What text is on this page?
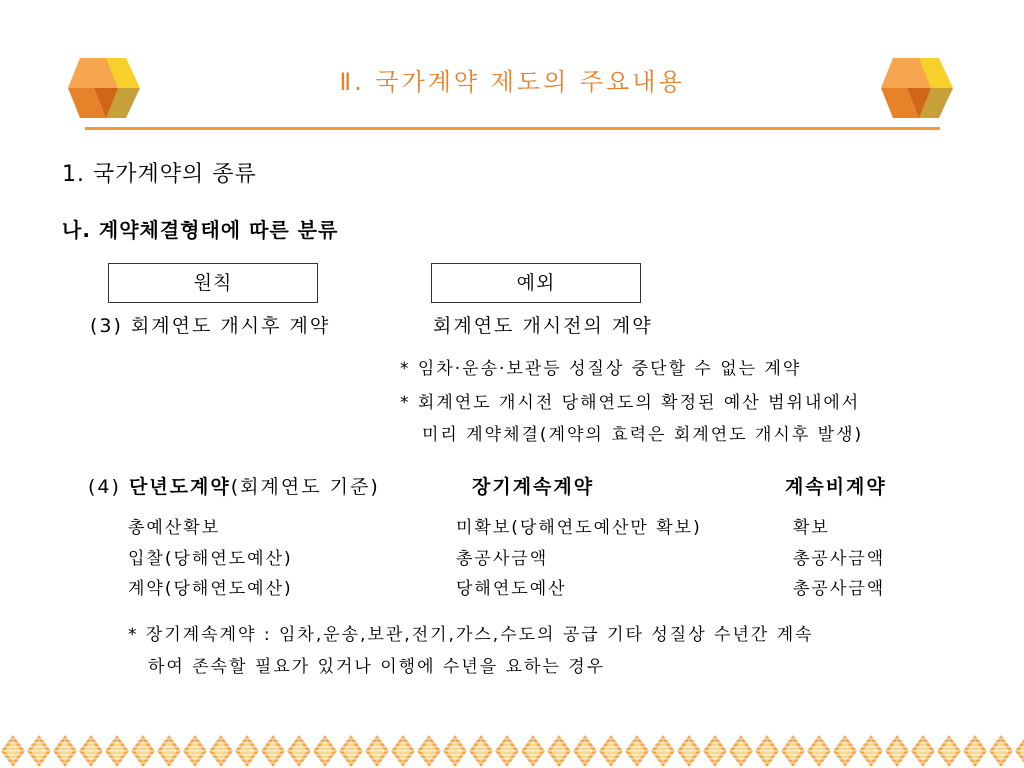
Ⅱ. 국가계약 제도의 주요내용
1. 국가계약의 종류
나. 계약체결형태에 따른 분류
원칙	예외
(3) 회계연도 개시후 계약	회계연도 개시전의 계약
* 임차·운송·보관등 성질상 중단할 수 없는 계약
* 회계연도 개시전 당해연도의 확정된 예산 범위내에서
미리 계약체결(계약의 효력은 회계연도 개시후 발생)
(4) 단년도계약(회계연도 기준)	장기계속계약	계속비계약
총예산확보	미확보(당해연도예산만 확보)	확보
입찰(당해연도예산)	총공사금액	총공사금액
계약(당해연도예산)	당해연도예산	총공사금액
* 장기계속계약 : 임차,운송,보관,전기,가스,수도의 공급 기타 성질상 수년간 계속
하여 존속할 필요가 있거나 이행에 수년을 요하는 경우
